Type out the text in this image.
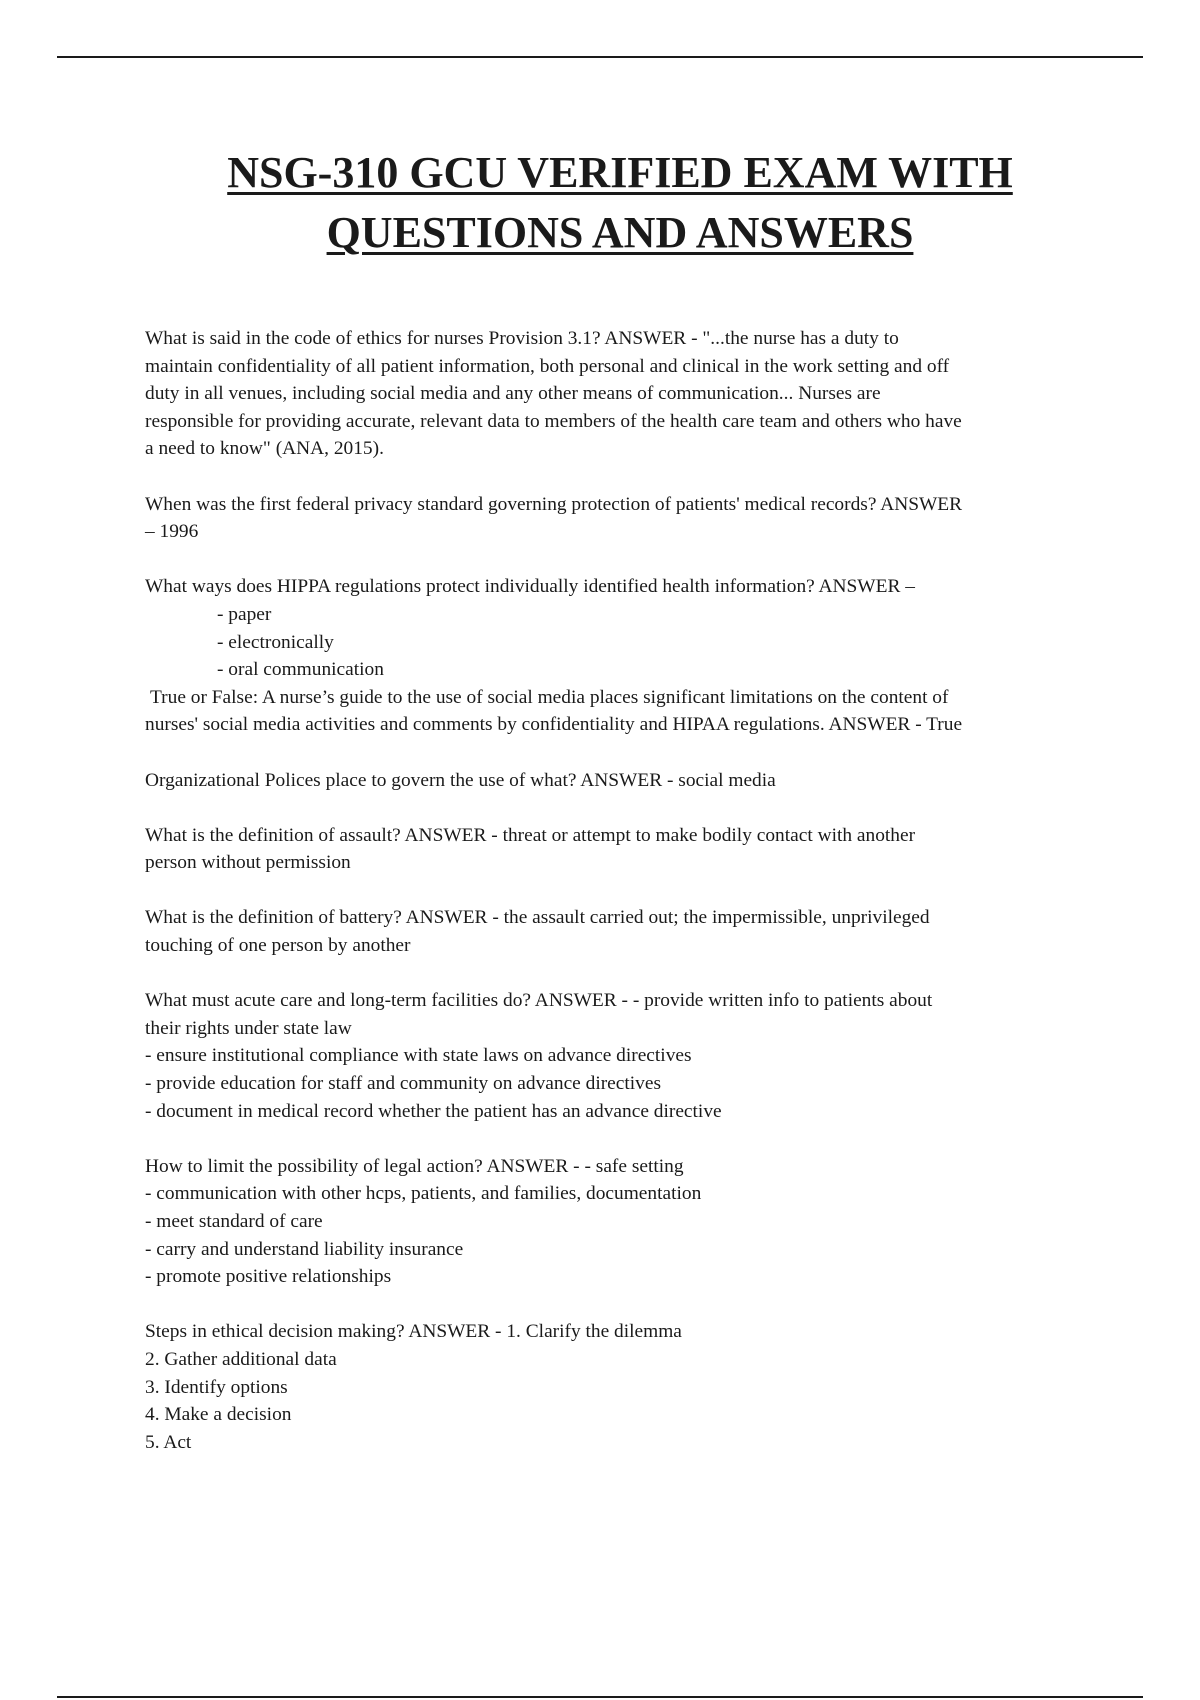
NSG-310 GCU VERIFIED EXAM WITH
QUESTIONS AND ANSWERS
What is said in the code of ethics for nurses Provision 3.1? ANSWER - "...the nurse has a duty to
maintain confidentiality of all patient information, both personal and clinical in the work setting and off
duty in all venues, including social media and any other means of communication... Nurses are
responsible for providing accurate, relevant data to members of the health care team and others who have
a need to know" (ANA, 2015).
When was the first federal privacy standard governing protection of patients' medical records? ANSWER
– 1996
What ways does HIPPA regulations protect individually identified health information? ANSWER –
- paper
- electronically
- oral communication
True or False: A nurse’s guide to the use of social media places significant limitations on the content of
nurses' social media activities and comments by confidentiality and HIPAA regulations. ANSWER - True
Organizational Polices place to govern the use of what? ANSWER - social media
What is the definition of assault? ANSWER - threat or attempt to make bodily contact with another
person without permission
What is the definition of battery? ANSWER - the assault carried out; the impermissible, unprivileged
touching of one person by another
What must acute care and long-term facilities do? ANSWER - - provide written info to patients about
their rights under state law
- ensure institutional compliance with state laws on advance directives
- provide education for staff and community on advance directives
- document in medical record whether the patient has an advance directive
How to limit the possibility of legal action? ANSWER - - safe setting
- communication with other hcps, patients, and families, documentation
- meet standard of care
- carry and understand liability insurance
- promote positive relationships
Steps in ethical decision making? ANSWER - 1. Clarify the dilemma
2. Gather additional data
3. Identify options
4. Make a decision
5. Act
